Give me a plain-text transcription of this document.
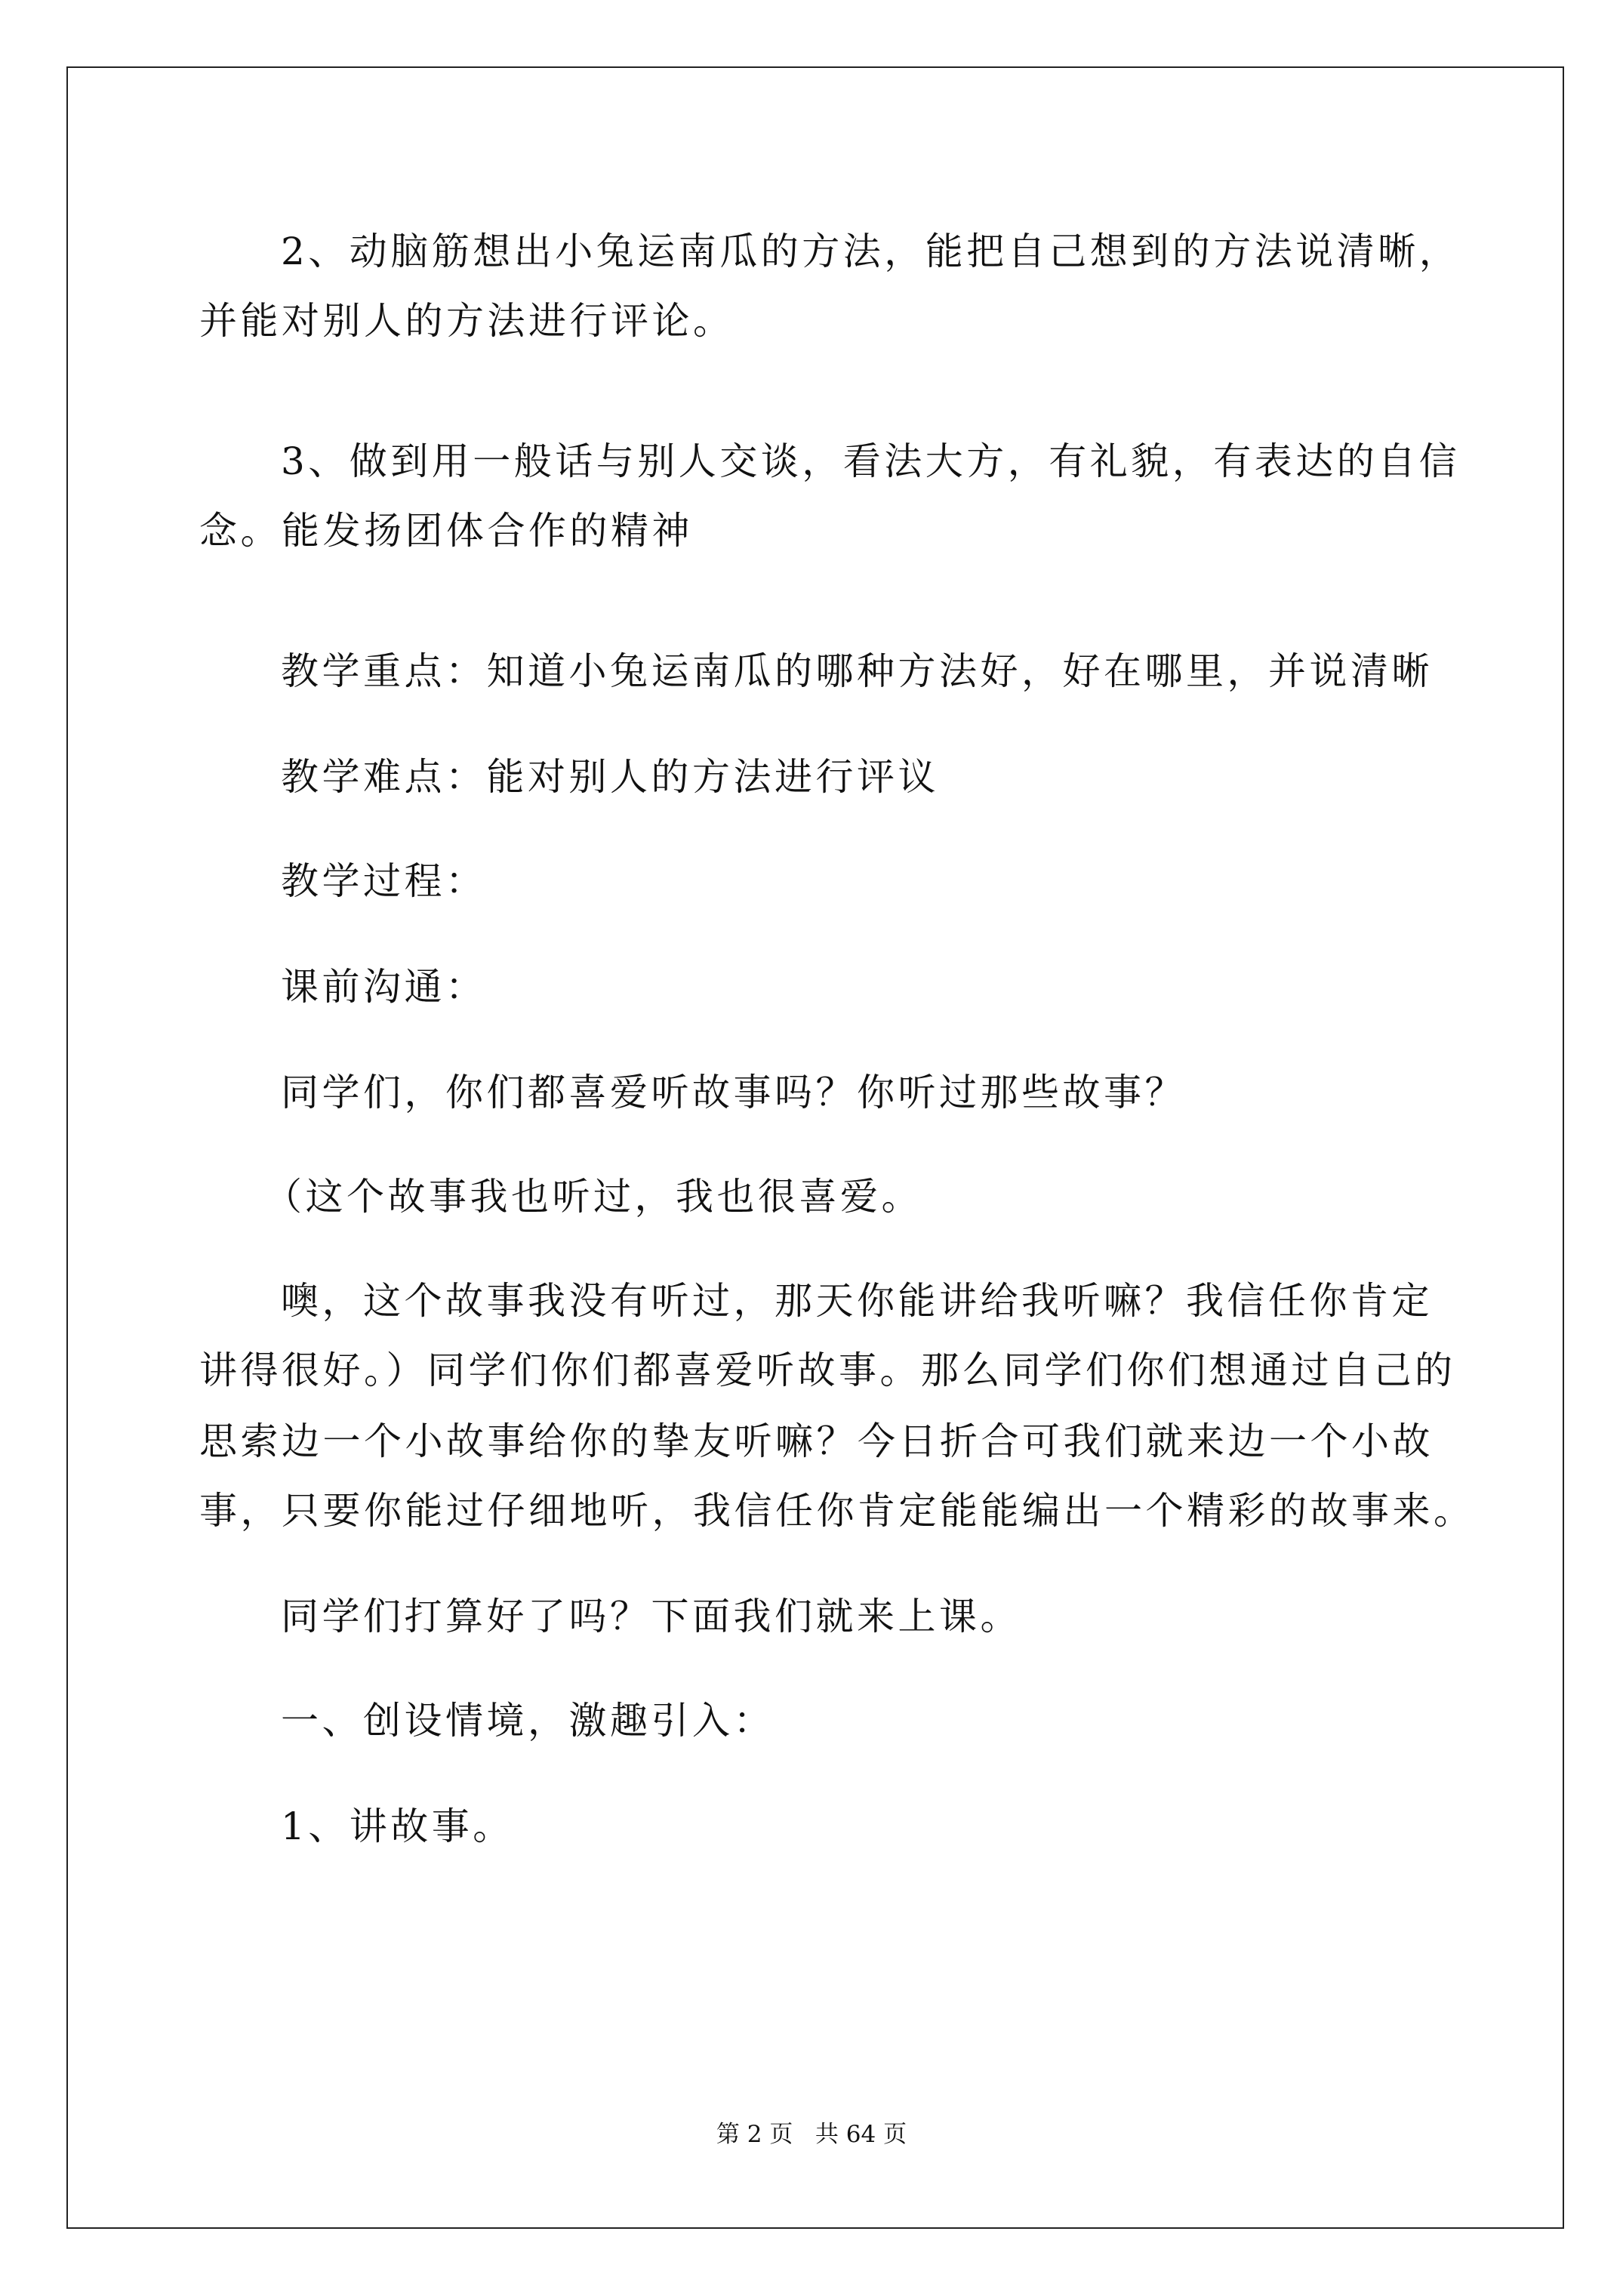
2、动脑筋想出小兔运南瓜的方法，能把自己想到的方法说清晰，

并能对别人的方法进行评论。

3、做到用一般话与别人交谈，看法大方，有礼貌，有表达的自信

念。能发扬团体合作的精神

教学重点：知道小兔运南瓜的哪种方法好，好在哪里，并说清晰

教学难点：能对别人的方法进行评议

教学过程：

课前沟通：

同学们，你们都喜爱听故事吗？你听过那些故事？

（这个故事我也听过，我也很喜爱。

噢，这个故事我没有听过，那天你能讲给我听嘛？我信任你肯定

讲得很好。）同学们你们都喜爱听故事。那么同学们你们想通过自己的

思索边一个小故事给你的挚友听嘛？今日折合可我们就来边一个小故

事，只要你能过仔细地听，我信任你肯定能能编出一个精彩的故事来。

同学们打算好了吗？下面我们就来上课。

一、创设情境，激趣引入：

1、讲故事。

第 2 页   共 64 页
